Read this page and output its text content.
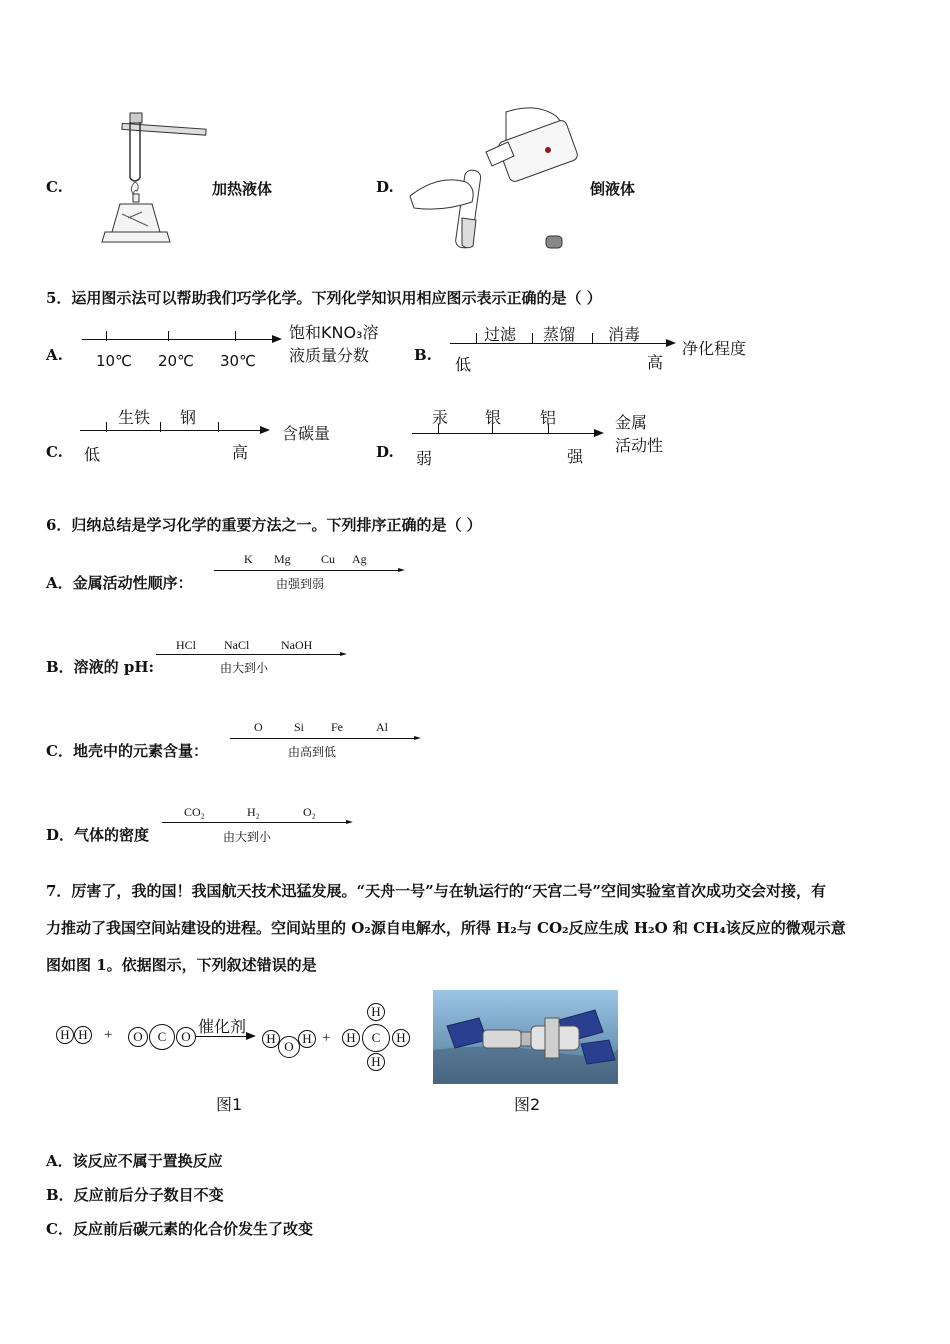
C.	加热液体	D.	倒液体
5．运用图示法可以帮助我们巧学化学。下列化学知识用相应图示表示正确的是（ ）
A. 10℃ 20℃ 30℃
饱和KNO₃溶
液质量分数	B.
过滤 蒸馏 消毒
低	高
净化程度
C.
生铁 钢
低	高
含碳量
D.
汞 银 铝
弱	强
金属
活动性
6．归纳总结是学习化学的重要方法之一。下列排序正确的是（ ）
A．金属活动性顺序：
K Mg	Cu Ag
由强到弱
B．溶液的 pH:
HCl NaCl	NaOH
由大到小
C．地壳中的元素含量：
O	Si Fe	Al
由高到低
D．气体的密度
CO₂	H₂	O₂
由大到小
7．厉害了，我的国！我国航天技术迅猛发展。“天舟一号”与在轨运行的“天宫二号”空间实验室首次成功交会对接，有
力推动了我国空间站建设的进程。空间站里的 O₂源自电解水，所得 H₂与 CO₂反应生成 H₂O 和 CH₄该反应的微观示意
图如图 1。依据图示，下列叙述错误的是
H H +	O	C	O
催化剂
H
O
H +
H
H	C	H
H
图1	图2
A．该反应不属于置换反应
B．反应前后分子数目不变
C．反应前后碳元素的化合价发生了改变
